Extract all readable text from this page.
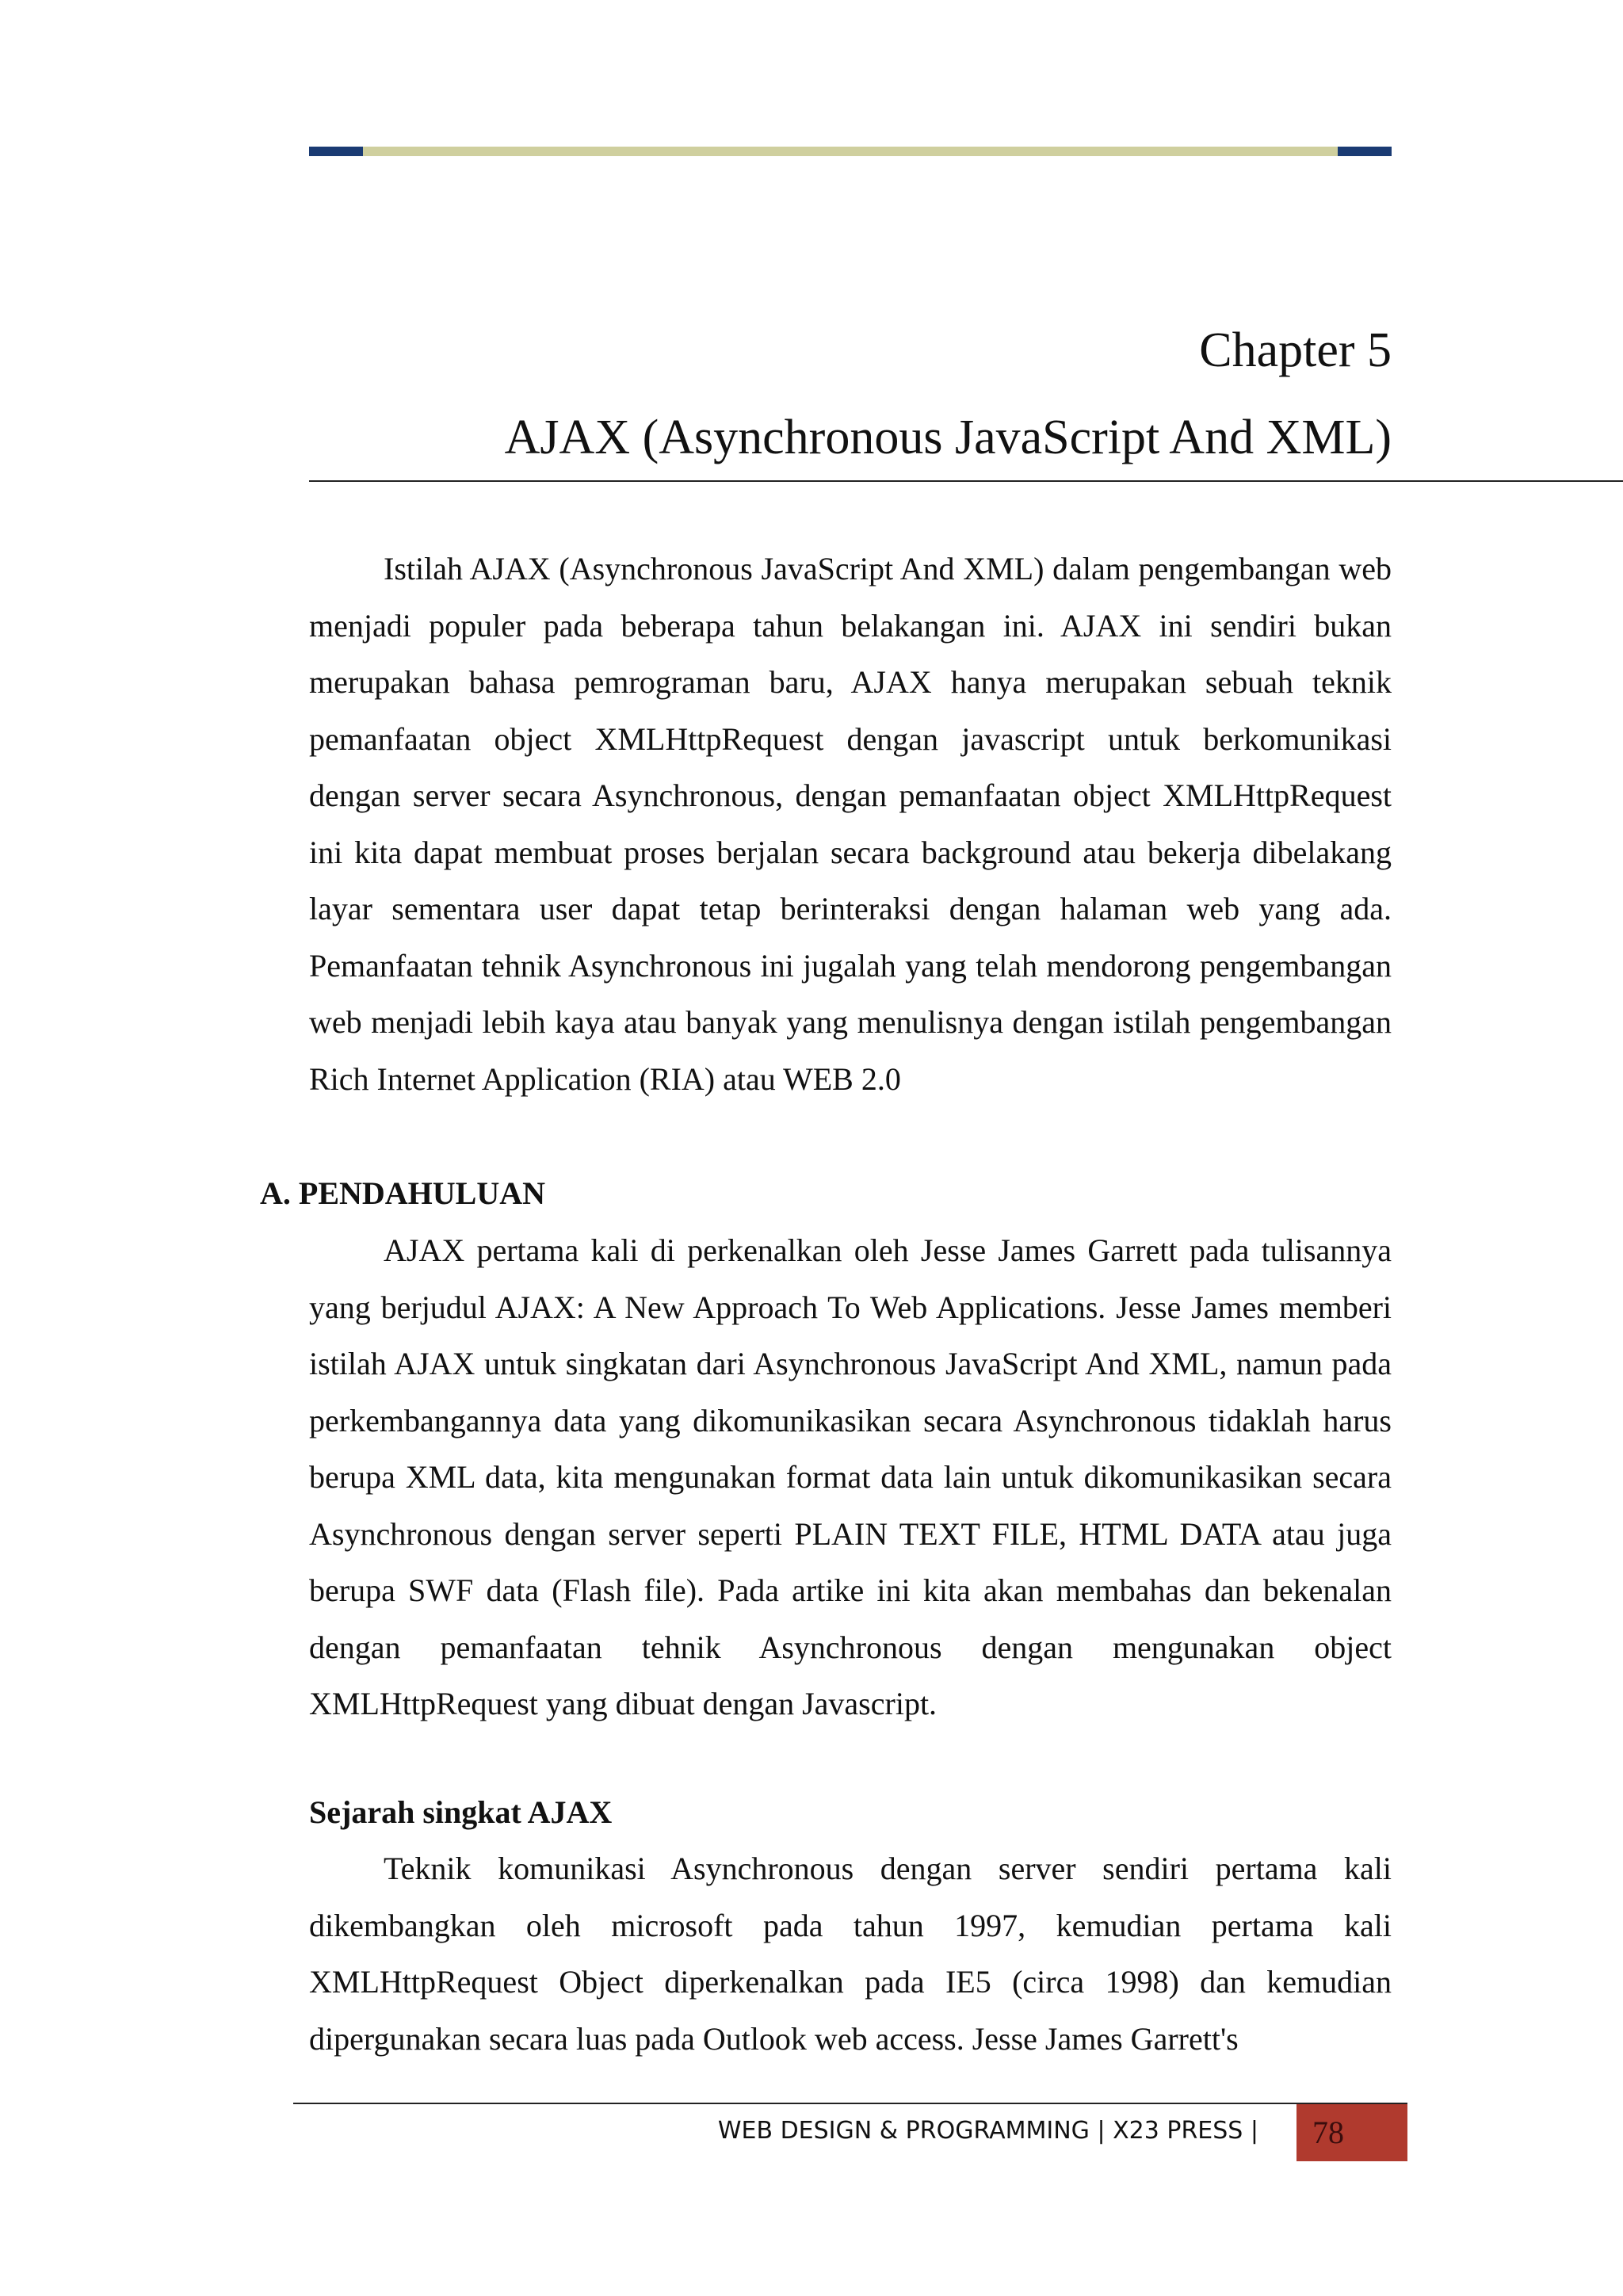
Chapter 5
AJAX (Asynchronous JavaScript And XML)

Istilah AJAX (Asynchronous JavaScript And XML) dalam pengembangan web menjadi populer pada beberapa tahun belakangan ini. AJAX ini sendiri bukan merupakan bahasa pemrograman baru, AJAX hanya merupakan sebuah teknik pemanfaatan object XMLHttpRequest dengan javascript untuk berkomunikasi dengan server secara Asynchronous, dengan pemanfaatan object XMLHttpRequest ini kita dapat membuat proses berjalan secara background atau bekerja dibelakang layar sementara user dapat tetap berinteraksi dengan halaman web yang ada. Pemanfaatan tehnik Asynchronous ini jugalah yang telah mendorong pengembangan web menjadi lebih kaya atau banyak yang menulisnya dengan istilah pengembangan Rich Internet Application (RIA) atau WEB 2.0

A. PENDAHULUAN

AJAX pertama kali di perkenalkan oleh Jesse James Garrett pada tulisannya yang berjudul AJAX: A New Approach To Web Applications. Jesse James memberi istilah AJAX untuk singkatan dari Asynchronous JavaScript And XML, namun pada perkembangannya data yang dikomunikasikan secara Asynchronous tidaklah harus berupa XML data, kita mengunakan format data lain untuk dikomunikasikan secara Asynchronous dengan server seperti PLAIN TEXT FILE, HTML DATA atau juga berupa SWF data (Flash file). Pada artike ini kita akan membahas dan bekenalan dengan pemanfaatan tehnik Asynchronous dengan mengunakan object XMLHttpRequest yang dibuat dengan Javascript.

Sejarah singkat AJAX

Teknik komunikasi Asynchronous dengan server sendiri pertama kali dikembangkan oleh microsoft pada tahun 1997, kemudian pertama kali XMLHttpRequest Object diperkenalkan pada IE5 (circa 1998) dan kemudian dipergunakan secara luas pada Outlook web access. Jesse James Garrett's

WEB DESIGN & PROGRAMMING | X23 PRESS |	78
